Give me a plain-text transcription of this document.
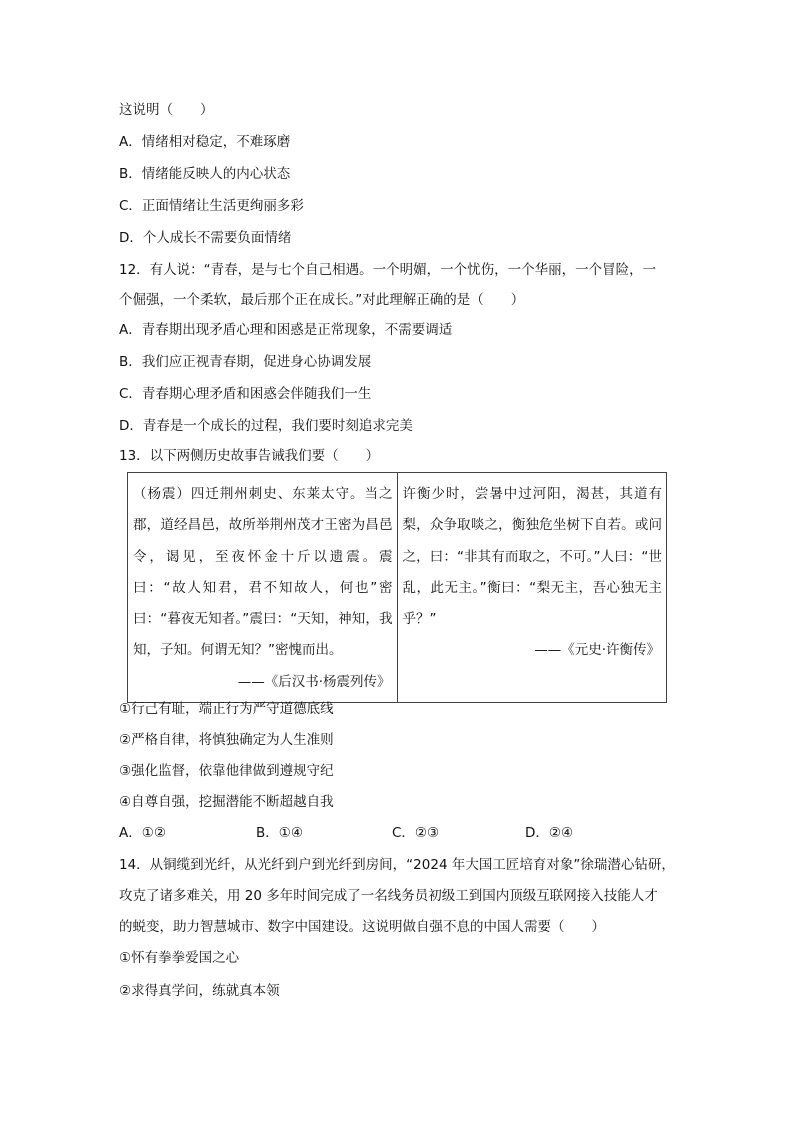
这说明（　　）
A．情绪相对稳定，不难琢磨
B．情绪能反映人的内心状态
C．正面情绪让生活更绚丽多彩
D．个人成长不需要负面情绪
12．有人说：“青春，是与七个自己相遇。一个明媚，一个忧伤，一个华丽，一个冒险，一
个倔强，一个柔软，最后那个正在成长。”对此理解正确的是（　　）
A．青春期出现矛盾心理和困惑是正常现象，不需要调适
B．我们应正视青春期，促进身心协调发展
C．青春期心理矛盾和困惑会伴随我们一生
D．青春是一个成长的过程，我们要时刻追求完美
13．以下两侧历史故事告诫我们要（　　）
（杨震）四迁荆州刺史、东莱太守。当之郡，道经昌邑，故所举荆州茂才王密为昌邑令，谒见，至夜怀金十斤以遗震。震曰：“故人知君，君不知故人，何也”密曰：“暮夜无知者。”震曰：“天知，神知，我知，子知。何谓无知？”密愧而出。
——《后汉书·杨震列传》

许衡少时，尝暑中过河阳，渴甚，其道有梨，众争取啖之，衡独危坐树下自若。或问之，曰：“非其有而取之，不可。”人曰：“世乱，此无主。”衡曰：“梨无主，吾心独无主乎？”
——《元史·许衡传》
①行己有耻，端正行为严守道德底线
②严格自律，将慎独确定为人生准则
③强化监督，依靠他律做到遵规守纪
④自尊自强，挖掘潜能不断超越自我
A．①②	B．①④	C．②③	D．②④
14．从铜缆到光纤，从光纤到户到光纤到房间，“2024 年大国工匠培育对象”徐瑞潜心钻研，
攻克了诸多难关，用 20 多年时间完成了一名线务员初级工到国内顶级互联网接入技能人才
的蜕变，助力智慧城市、数字中国建设。这说明做自强不息的中国人需要（　　）
①怀有拳拳爱国之心
②求得真学问，练就真本领
